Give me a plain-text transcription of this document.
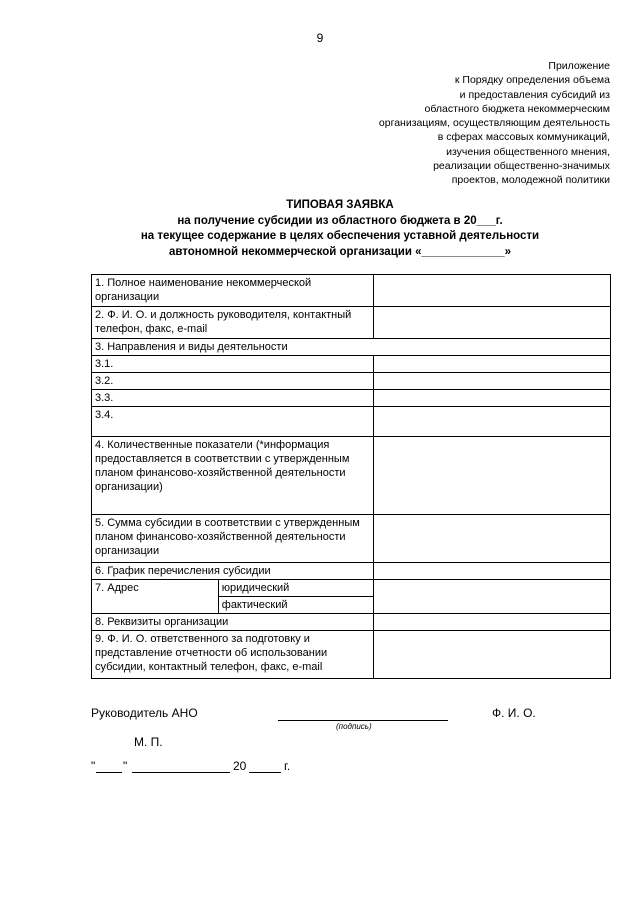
9
Приложение
к Порядку определения объема
и предоставления субсидий из
областного бюджета некоммерческим
организациям, осуществляющим деятельность
в сферах массовых коммуникаций,
изучения общественного мнения,
реализации общественно-значимых
проектов, молодежной политики
ТИПОВАЯ ЗАЯВКА
на получение субсидии из областного бюджета в 20___г.
на текущее содержание в целях обеспечения уставной деятельности
автономной некоммерческой организации «_____________»
1. Полное наименование некоммерческой организации		
2. Ф. И. О. и должность руководителя, контактный телефон, факс, e-mail		
3. Направления и виды деятельности		
3.1.		
3.2.		
3.3.		
3.4.		
4. Количественные показатели (*информация предоставляется в соответствии с утвержденным планом финансово-хозяйственной деятельности организации)		
5. Сумма субсидии в соответствии с утвержденным планом финансово-хозяйственной деятельности организации		
6. График перечисления субсидии		
7. Адрес	юридический	
	фактический	
8. Реквизиты организации		
9. Ф. И. О. ответственного за подготовку и представление отчетности об использовании субсидии, контактный телефон, факс, e-mail		
Руководитель АНО
(подпись)
Ф. И. О.
М. П.
" "	20	г.
